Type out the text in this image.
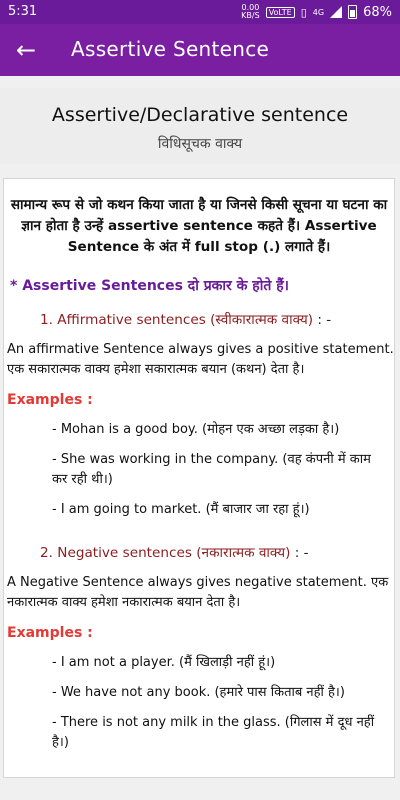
5:31	0.00
KB/S	VoLTE ▯ 4G	68%
← Assertive Sentence
Assertive/Declarative sentence
विधिसूचक वाक्य
सामान्य रूप से जो कथन किया जाता है या जिनसे किसी सूचना या घटना का ज्ञान होता है उन्हें assertive sentence कहते हैं। Assertive Sentence के अंत में full stop (.) लगाते हैं।
* Assertive Sentences दो प्रकार के होते हैं।
1. Affirmative sentences (स्वीकारात्मक वाक्य) : -
An affirmative Sentence always gives a positive statement. एक सकारात्मक वाक्य हमेशा सकारात्मक बयान (कथन) देता है।
Examples :
- Mohan is a good boy. (मोहन एक अच्छा लड़का है।)
- She was working in the company. (वह कंपनी में काम कर रही थी।)
- I am going to market. (मैं बाजार जा रहा हूं।)
2. Negative sentences (नकारात्मक वाक्य) : -
A Negative Sentence always gives negative statement. एक नकारात्मक वाक्य हमेशा नकारात्मक बयान देता है।
Examples :
- I am not a player. (मैं खिलाड़ी नहीं हूं।)
- We have not any book. (हमारे पास किताब नहीं है।)
- There is not any milk in the glass. (गिलास में दूध नहीं है।)
